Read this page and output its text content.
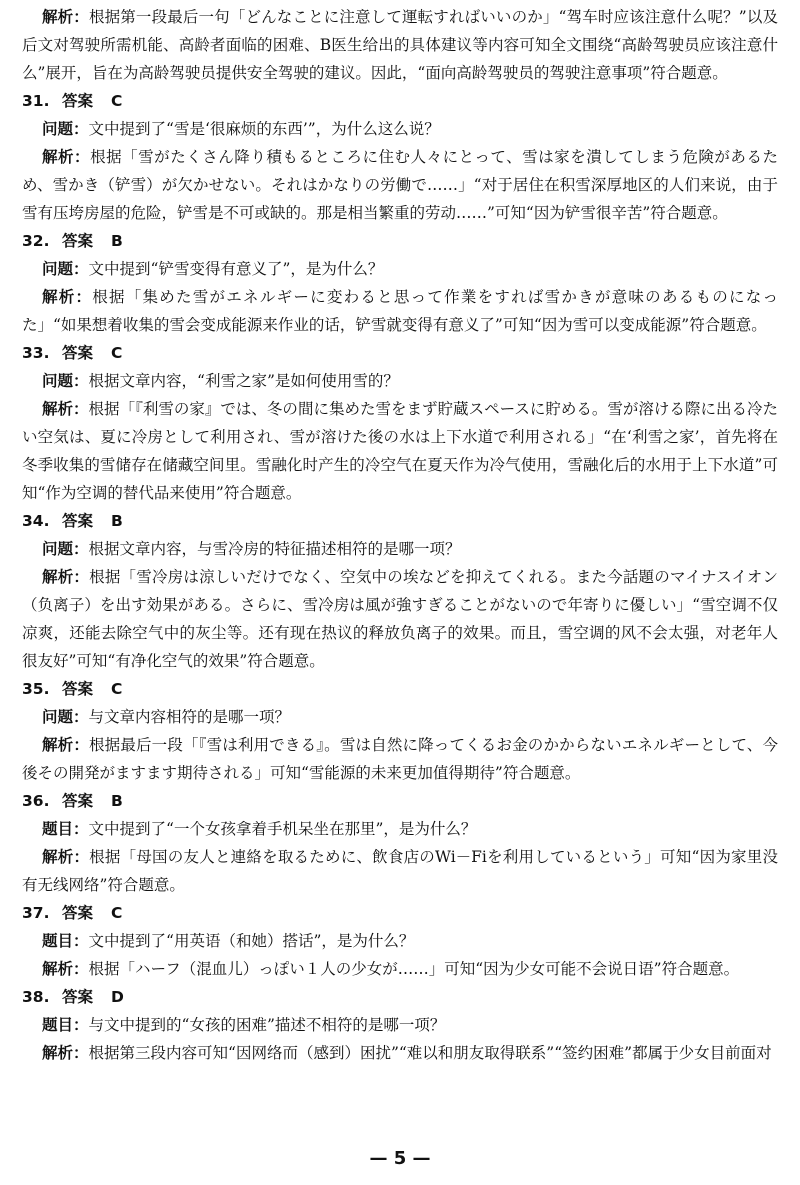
解析：根据第一段最后一句「どんなことに注意して運転すればいいのか」“驾车时应该注意什么呢？”以及后文对驾驶所需机能、高龄者面临的困难、B医生给出的具体建议等内容可知全文围绕“高龄驾驶员应该注意什么”展开，旨在为高龄驾驶员提供安全驾驶的建议。因此，“面向高龄驾驶员的驾驶注意事项”符合题意。

31. 答案 C

问题：文中提到了“雪是‘很麻烦的东西’”，为什么这么说？

解析：根据「雪がたくさん降り積もるところに住む人々にとって、雪は家を潰してしまう危険があるため、雪かき（铲雪）が欠かせない。それはかなりの労働で……」“对于居住在积雪深厚地区的人们来说，由于雪有压垮房屋的危险，铲雪是不可或缺的。那是相当繁重的劳动……”可知“因为铲雪很辛苦”符合题意。

32. 答案 B

问题：文中提到“铲雪变得有意义了”，是为什么？

解析：根据「集めた雪がエネルギーに変わると思って作業をすれば雪かきが意味のあるものになった」“如果想着收集的雪会变成能源来作业的话，铲雪就变得有意义了”可知“因为雪可以变成能源”符合题意。

33. 答案 C

问题：根据文章内容，“利雪之家”是如何使用雪的？

解析：根据「『利雪の家』では、冬の間に集めた雪をまず貯蔵スペースに貯める。雪が溶ける際に出る冷たい空気は、夏に冷房として利用され、雪が溶けた後の水は上下水道で利用される」“在‘利雪之家’，首先将在冬季收集的雪储存在储藏空间里。雪融化时产生的冷空气在夏天作为冷气使用，雪融化后的水用于上下水道”可知“作为空调的替代品来使用”符合题意。

34. 答案 B

问题：根据文章内容，与雪冷房的特征描述相符的是哪一项？

解析：根据「雪冷房は涼しいだけでなく、空気中の埃などを抑えてくれる。また今話題のマイナスイオン（负离子）を出す効果がある。さらに、雪冷房は風が強すぎることがないので年寄りに優しい」“雪空调不仅凉爽，还能去除空气中的灰尘等。还有现在热议的释放负离子的效果。而且，雪空调的风不会太强，对老年人很友好”可知“有净化空气的效果”符合题意。

35. 答案 C

问题：与文章内容相符的是哪一项？

解析：根据最后一段「『雪は利用できる』。雪は自然に降ってくるお金のかからないエネルギーとして、今後その開発がますます期待される」可知“雪能源的未来更加值得期待”符合题意。

36. 答案 B

题目：文中提到了“一个女孩拿着手机呆坐在那里”，是为什么？

解析：根据「母国の友人と連絡を取るために、飲食店のWi－Fiを利用しているという」可知“因为家里没有无线网络”符合题意。

37. 答案 C

题目：文中提到了“用英语（和她）搭话”，是为什么？

解析：根据「ハーフ（混血儿）っぽい１人の少女が……」可知“因为少女可能不会说日语”符合题意。

38. 答案 D

题目：与文中提到的“女孩的困难”描述不相符的是哪一项？

解析：根据第三段内容可知“因网络而（感到）困扰”“难以和朋友取得联系”“签约困难”都属于少女目前面对

— 5 —
